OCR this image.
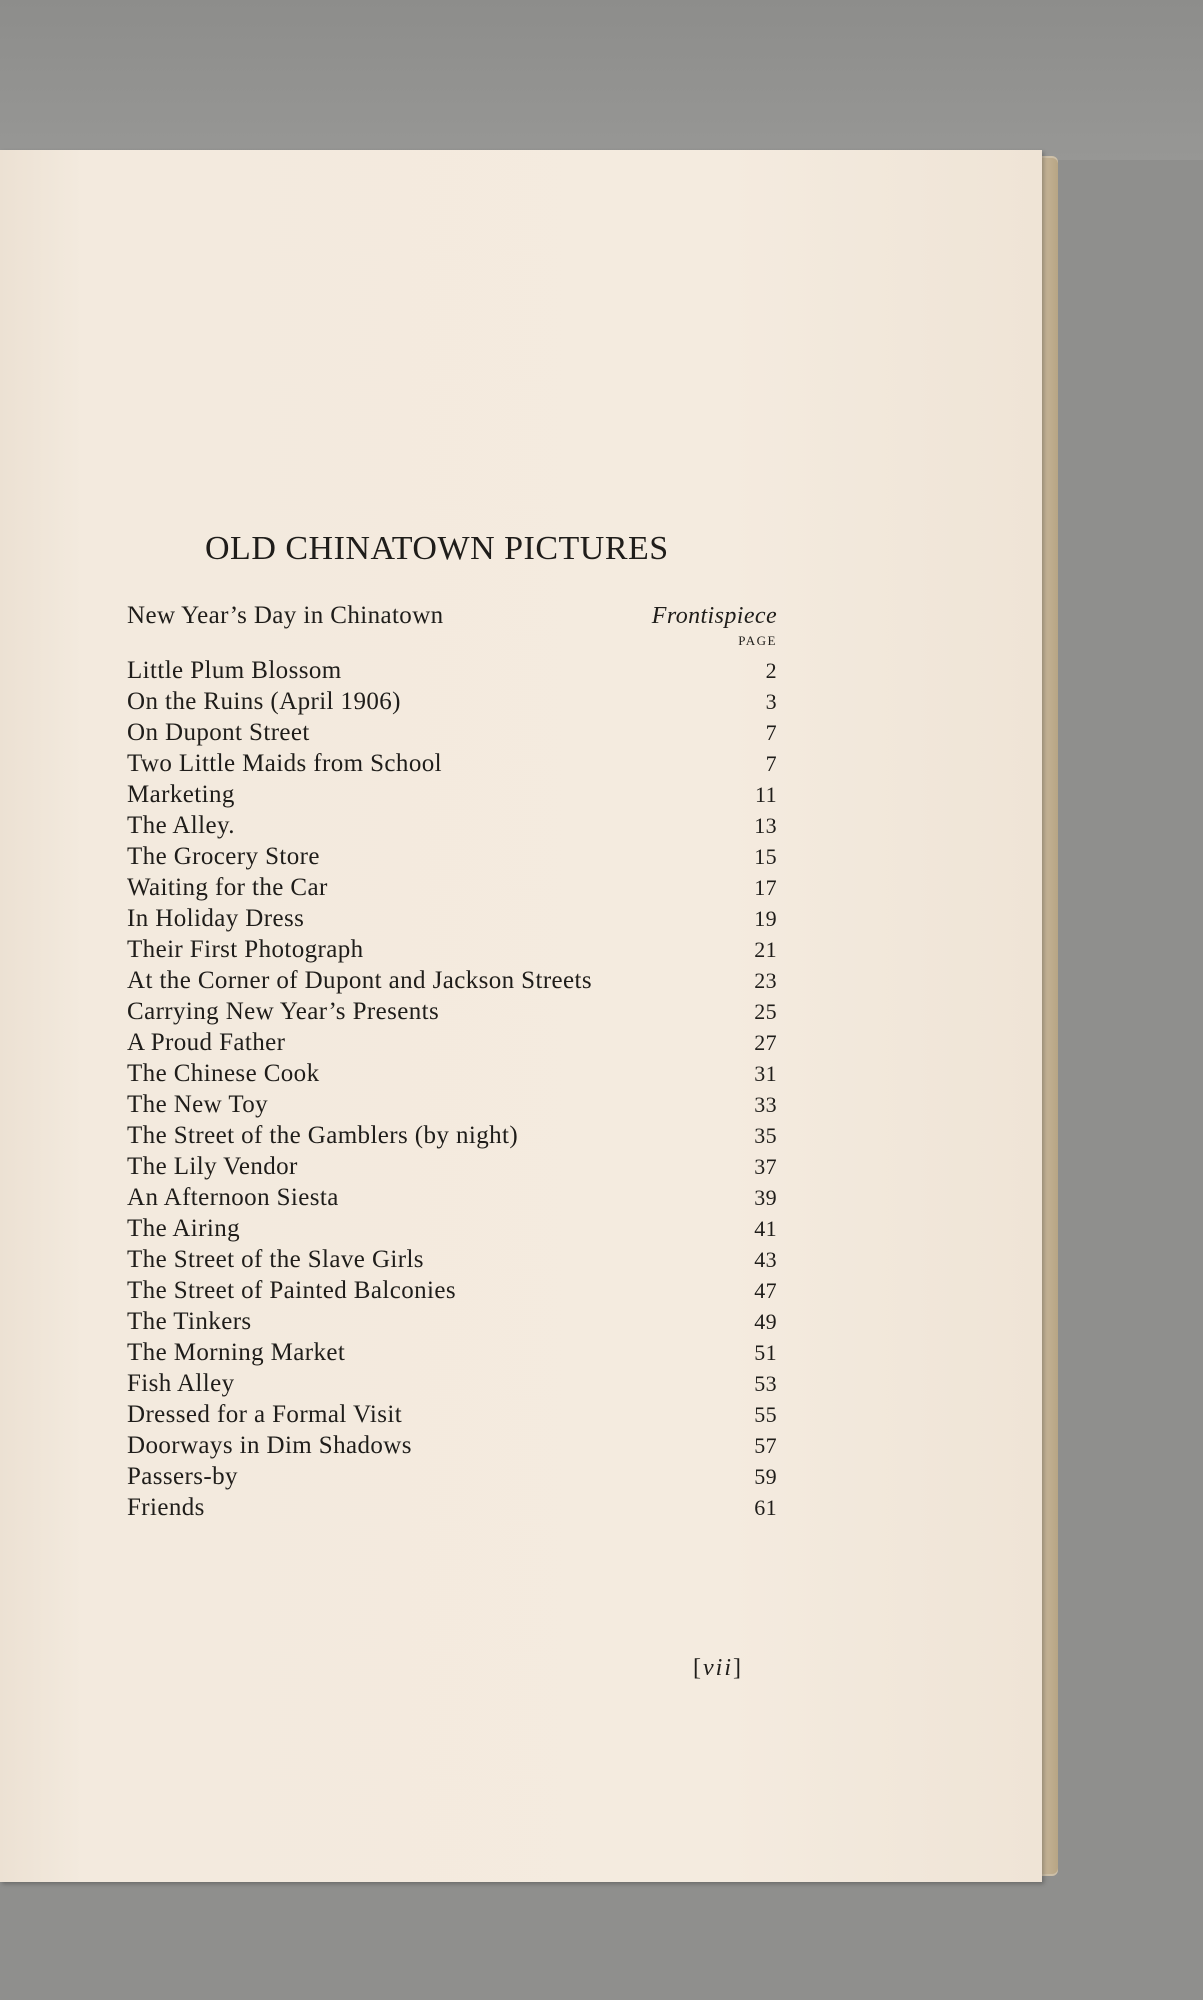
OLD CHINATOWN PICTURES
New Year’s Day in Chinatown	Frontispiece
PAGE
Little Plum Blossom	2
On the Ruins (April 1906)	3
On Dupont Street	7
Two Little Maids from School	7
Marketing	11
The Alley.	13
The Grocery Store	15
Waiting for the Car	17
In Holiday Dress	19
Their First Photograph	21
At the Corner of Dupont and Jackson Streets	23
Carrying New Year’s Presents	25
A Proud Father	27
The Chinese Cook	31
The New Toy	33
The Street of the Gamblers (by night)	35
The Lily Vendor	37
An Afternoon Siesta	39
The Airing	41
The Street of the Slave Girls	43
The Street of Painted Balconies	47
The Tinkers	49
The Morning Market	51
Fish Alley	53
Dressed for a Formal Visit	55
Doorways in Dim Shadows	57
Passers-by	59
Friends	61
[vii]
